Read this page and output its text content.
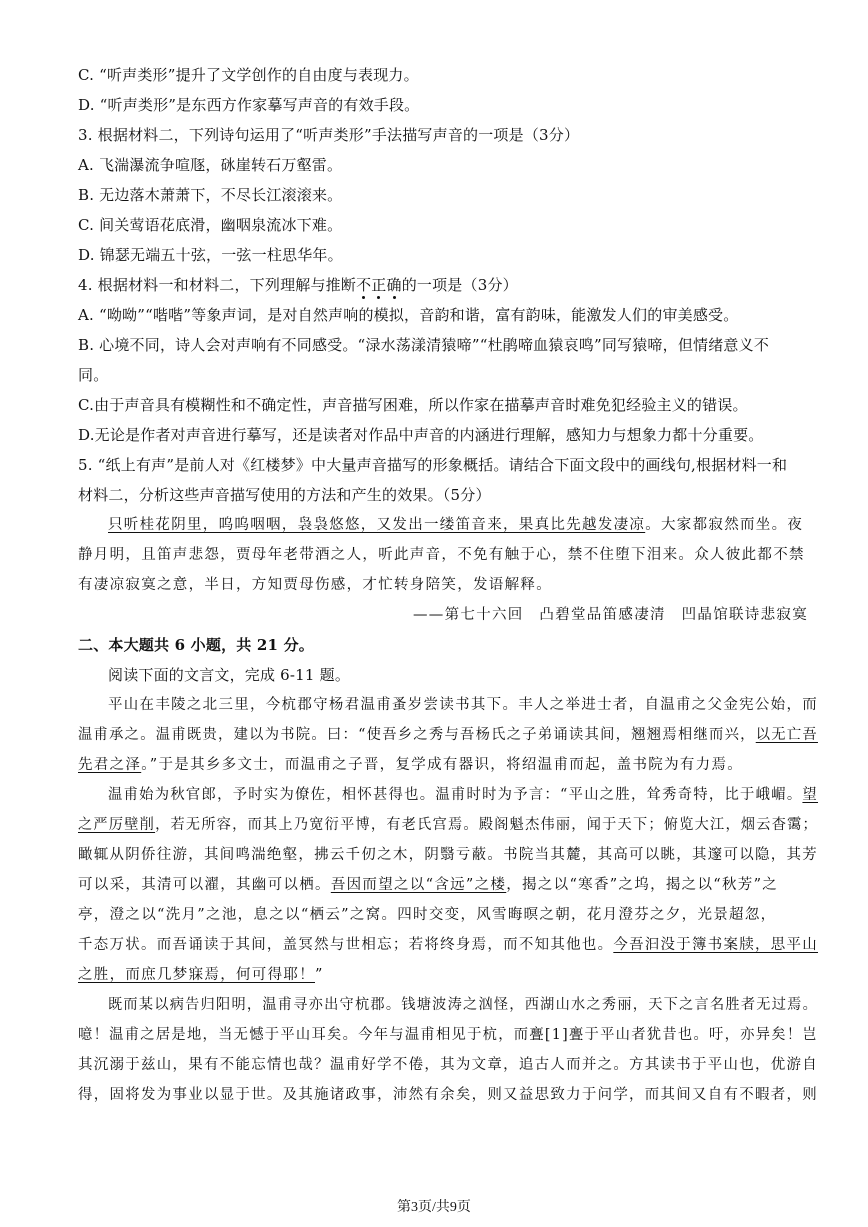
C. “听声类形”提升了文学创作的自由度与表现力。
D. “听声类形”是东西方作家摹写声音的有效手段。
3. 根据材料二，下列诗句运用了“听声类形”手法描写声音的一项是（3分）
A. 飞湍瀑流争喧豗，砯崖转石万壑雷。
B. 无边落木萧萧下，不尽长江滚滚来。
C. 间关莺语花底滑，幽咽泉流冰下难。
D. 锦瑟无端五十弦，一弦一柱思华年。
4. 根据材料一和材料二，下列理解与推断不正确的一项是（3分）
A. “呦呦”“喈喈”等象声词，是对自然声响的模拟，音韵和谐，富有韵味，能激发人们的审美感受。
B. 心境不同，诗人会对声响有不同感受。“渌水荡漾清猿啼”“杜鹃啼血猿哀鸣”同写猿啼，但情绪意义不
同。
C.由于声音具有模糊性和不确定性，声音描写困难，所以作家在描摹声音时难免犯经验主义的错误。
D.无论是作者对声音进行摹写，还是读者对作品中声音的内涵进行理解，感知力与想象力都十分重要。
5. “纸上有声”是前人对《红楼梦》中大量声音描写的形象概括。请结合下面文段中的画线句,根据材料一和
材料二，分析这些声音描写使用的方法和产生的效果。（5分）
只听桂花阴里，呜呜咽咽，袅袅悠悠，又发出一缕笛音来，果真比先越发凄凉。大家都寂然而坐。夜
静月明，且笛声悲怨，贾母年老带酒之人，听此声音，不免有触于心，禁不住堕下泪来。众人彼此都不禁
有凄凉寂寞之意，半日，方知贾母伤感，才忙转身陪笑，发语解释。
——第七十六回　凸碧堂品笛感凄清　凹晶馆联诗悲寂寞
二、本大题共 6 小题，共 21 分。
阅读下面的文言文，完成 6-11 题。
平山在丰陵之北三里，今杭郡守杨君温甫蚤岁尝读书其下。丰人之举进士者，自温甫之父金宪公始，而
温甫承之。温甫既贵，建以为书院。曰：“使吾乡之秀与吾杨氏之子弟诵读其间，翘翘焉相继而兴，以无亡吾
先君之泽。”于是其乡多文士，而温甫之子晋，复学成有器识，将绍温甫而起，盖书院为有力焉。
温甫始为秋官郎，予时实为僚佐，相怀甚得也。温甫时时为予言：“平山之胜，耸秀奇特，比于峨嵋。望
之严厉壁削，若无所容，而其上乃宽衍平博，有老氏宫焉。殿阁魁杰伟丽，闻于天下；俯览大江，烟云杳霭；
瞰辄从阴侨往游，其间鸣湍绝壑，拂云千仞之木，阴翳亏蔽。书院当其麓，其高可以眺，其邃可以隐，其芳
可以采，其清可以濯，其幽可以栖。吾因而望之以“含远”之楼，揭之以“寒香”之坞，揭之以“秋芳”之
亭，澄之以“洗月”之池，息之以“栖云”之窝。四时交变，风雪晦暝之朝，花月澄芬之夕，光景超忽，
千态万状。而吾诵读于其间，盖冥然与世相忘；若将终身焉，而不知其他也。今吾汩没于簿书案牍，思平山
之胜，而庶几梦寐焉，何可得耶！”
既而某以病告归阳明，温甫寻亦出守杭郡。钱塘波涛之汹怪，西湖山水之秀丽，天下之言名胜者无过焉。
噫！温甫之居是地，当无憾于平山耳矣。今年与温甫相见于杭，而亹[1]亹于平山者犹昔也。吁，亦异矣！岂
其沉溺于兹山，果有不能忘情也哉？温甫好学不倦，其为文章，追古人而并之。方其读书于平山也，优游自
得，固将发为事业以显于世。及其施诸政事，沛然有余矣，则又益思致力于问学，而其间又自有不暇者，则
第3页/共9页
